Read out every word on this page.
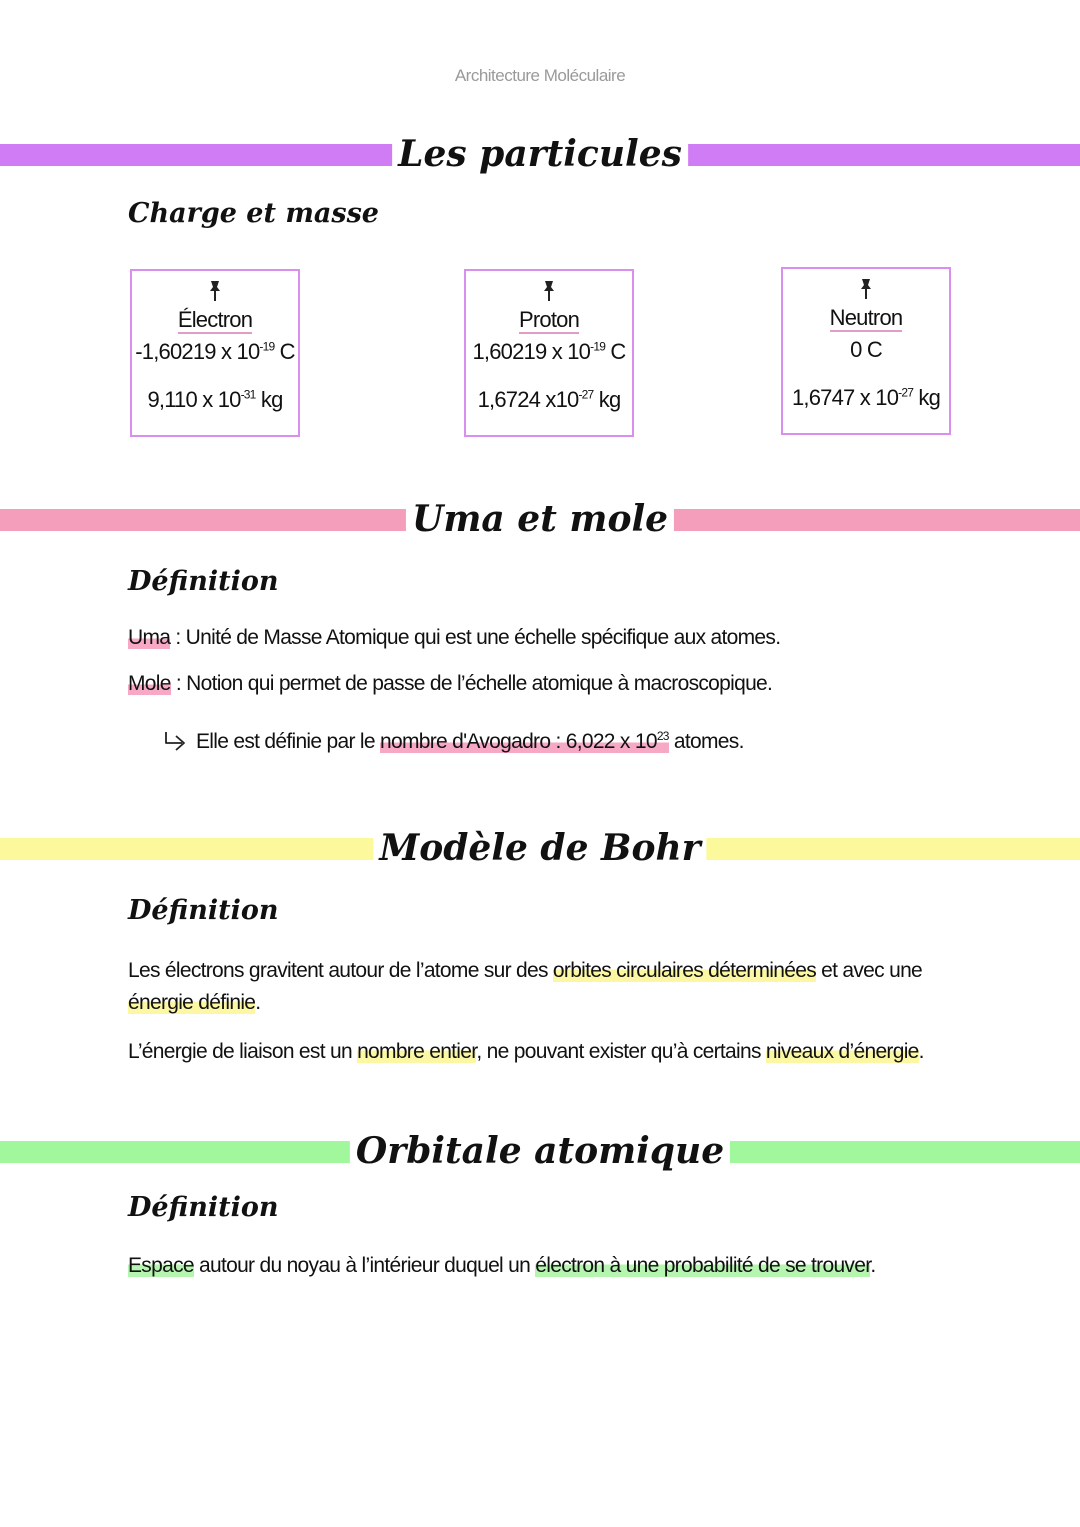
Architecture Moléculaire
Les particules
Charge et masse
Électron
-1,60219 x $10^{-19}$ C
9,110 x $10^{-31}$ kg
Proton
1,60219 x $10^{-19}$ C
1,6724 $x10^{-27}$ kg
Neutron
0 C
1,6747 x $10^{-27}$ kg
Uma et mole
Définition
Uma : Unité de Masse Atomique qui est une échelle spécifique aux atomes.
Mole : Notion qui permet de passe de l’échelle atomique à macroscopique.
Elle est définie par le nombre d'Avogadro : 6,022 x $10^{23}$ atomes.
Modèle de Bohr
Définition
Les électrons gravitent autour de l’atome sur des orbites circulaires déterminées et avec une énergie définie.
L’énergie de liaison est un nombre entier, ne pouvant exister qu’à certains niveaux d’énergie.
Orbitale atomique
Définition
Espace autour du noyau à l’intérieur duquel un électron à une probabilité de se trouver.
